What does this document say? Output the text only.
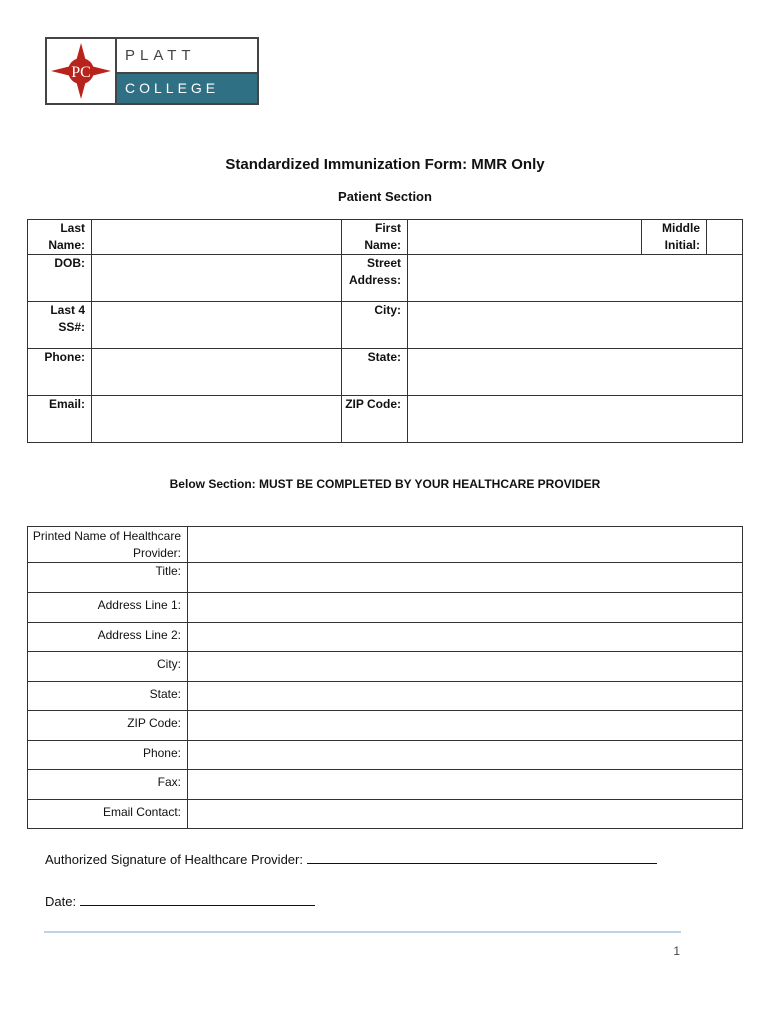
PC
PLATT
COLLEGE
Standardized Immunization Form: MMR Only
Patient Section
Last Name:		First Name:		Middle Initial:	
DOB:		Street Address:			
Last 4 SS#:		City:			
Phone:		State:			
Email:		ZIP Code:			
Below Section: MUST BE COMPLETED BY YOUR HEALTHCARE PROVIDER
Printed Name of Healthcare Provider:	
Title:	
Address Line 1:	
Address Line 2:	
City:	
State:	
ZIP Code:	
Phone:	
Fax:	
Email Contact:	
Authorized Signature of Healthcare Provider:
Date:
1
